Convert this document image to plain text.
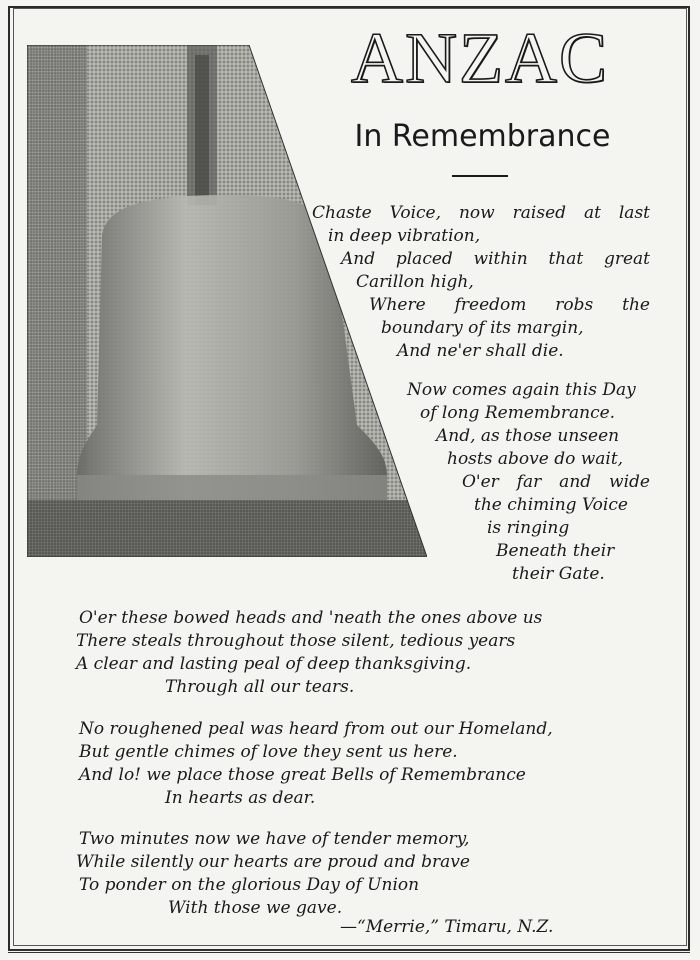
ANZAC
In Remembrance
Chaste Voice, now raised at last
in deep vibration,
And placed within that great
Carillon high,
Where freedom robs the
boundary of its margin,
And ne'er shall die.
Now comes again this Day
of long Remembrance.
And, as those unseen
hosts above do wait,
O'er far and wide
the chiming Voice
is ringing
Beneath their
their Gate.
O'er these bowed heads and 'neath the ones above us
There steals throughout those silent, tedious years
A clear and lasting peal of deep thanksgiving.
Through all our tears.
No roughened peal was heard from out our Homeland,
But gentle chimes of love they sent us here.
And lo! we place those great Bells of Remembrance
In hearts as dear.
Two minutes now we have of tender memory,
While silently our hearts are proud and brave
To ponder on the glorious Day of Union
With those we gave.
—“Merrie,” Timaru, N.Z.
